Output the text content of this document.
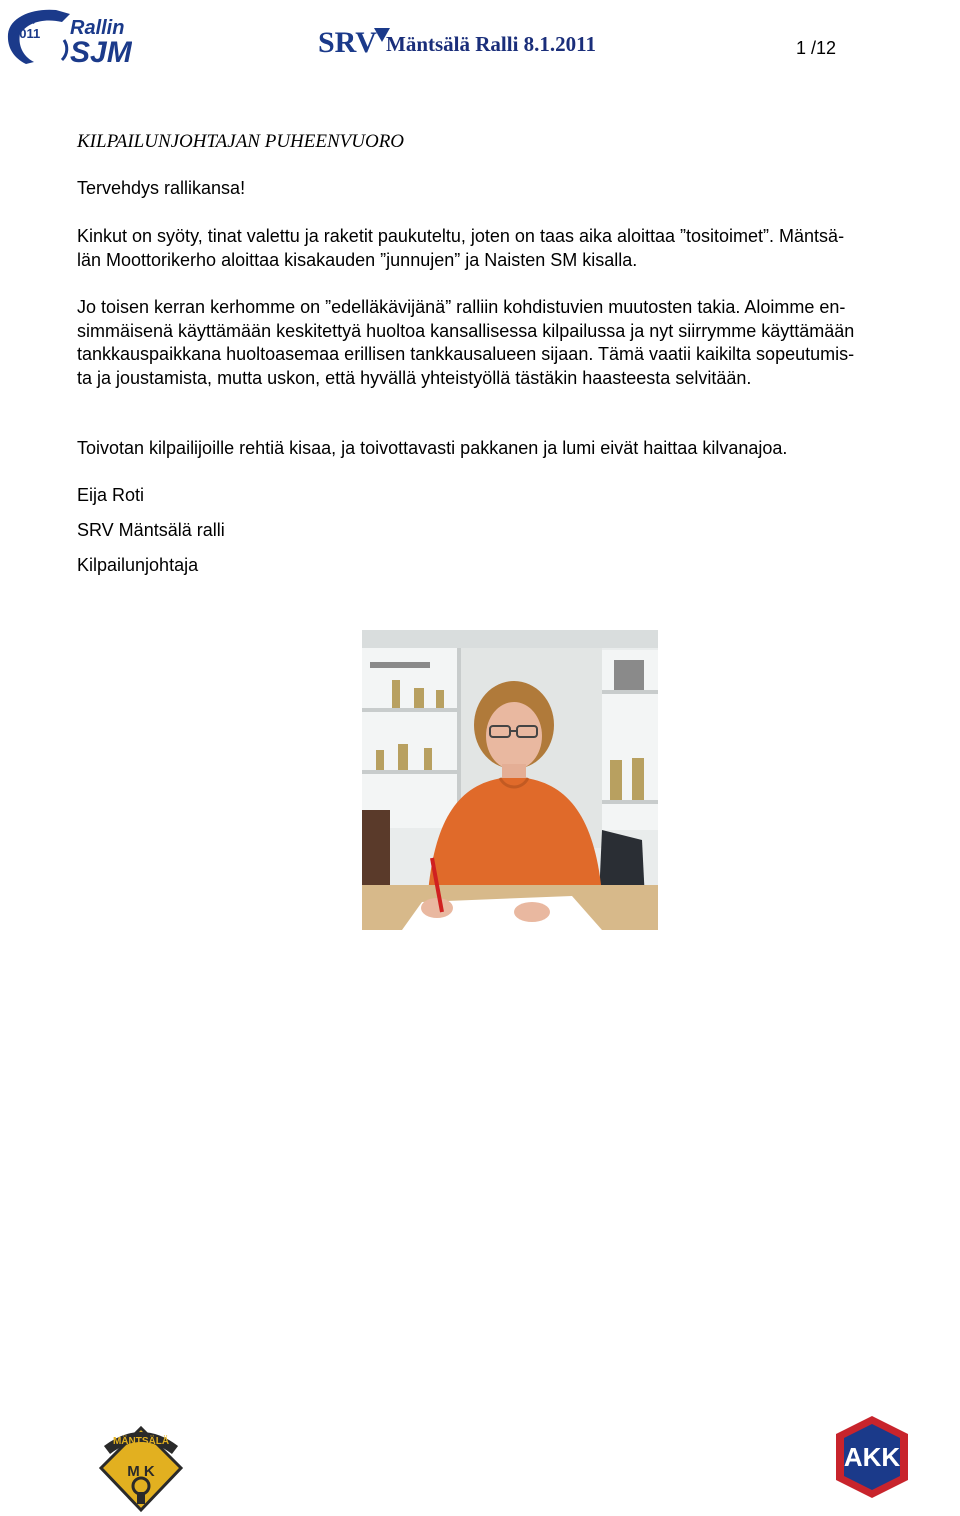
2011 Rallin
SJM	SRV Mäntsälä Ralli 8.1.2011	1 /12
KILPAILUNJOHTAJAN PUHEENVUORO
Tervehdys rallikansa!
Kinkut on syöty, tinat valettu ja raketit paukuteltu, joten on taas aika aloittaa ”tositoimet”. Mäntsä-
län Moottorikerho aloittaa kisakauden ”junnujen” ja Naisten SM kisalla.
Jo toisen kerran kerhomme on ”edelläkävijänä” ralliin kohdistuvien muutosten takia. Aloimme en-
simmäisenä käyttämään keskitettyä huoltoa kansallisessa kilpailussa ja nyt siirrymme käyttämään
tankkauspaikkana huoltoasemaa erillisen tankkausalueen sijaan. Tämä vaatii kaikilta sopeutumis-
ta ja joustamista, mutta uskon, että hyvällä yhteistyöllä tästäkin haasteesta selvitään.
Toivotan kilpailijoille rehtiä kisaa, ja toivottavasti pakkanen ja lumi eivät haittaa kilvanajoa.
Eija Roti
SRV Mäntsälä ralli
Kilpailunjohtaja
MÄNTSÄLÄ
M K	AKK
